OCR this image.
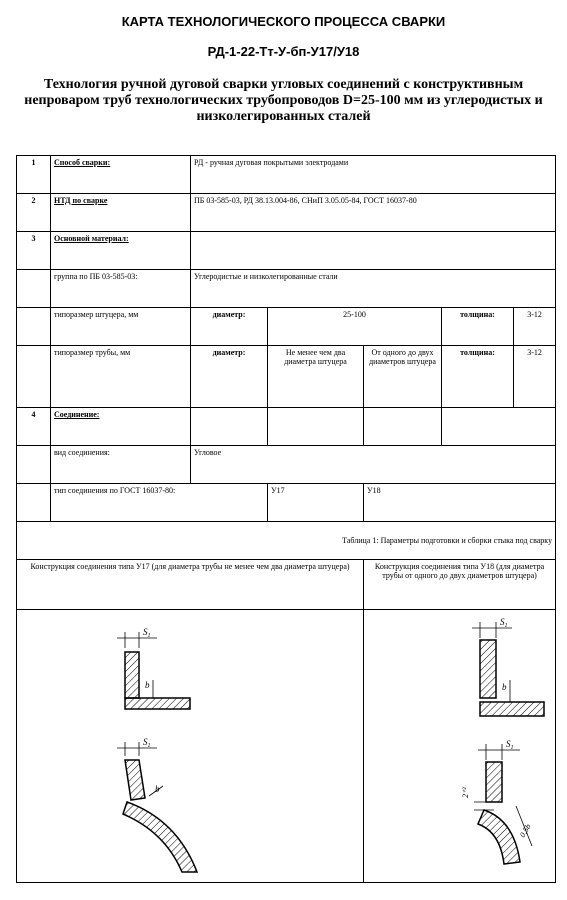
КАРТА ТЕХНОЛОГИЧЕСКОГО ПРОЦЕССА СВАРКИ
РД-1-22-Тт-У-бп-У17/У18
Технология ручной дуговой сварки угловых соединений с конструктивным непроваром труб технологических трубопроводов D=25-100 мм из углеродистых и низколегированных сталей
1	Способ сварки:	РД - ручная дуговая покрытыми электродами				
2	НТД по сварке	ПБ 03-585-03, РД 38.13.004-86, СНиП 3.05.05-84, ГОСТ 16037-80				
3	Основной материал:					
	группа по ПБ 03-585-03:	Углеродистые и низколегированные стали				
	типоразмер штуцера, мм	диаметр:	25-100		толщина:	3-12
	типоразмер трубы, мм	диаметр:	Не менее чем два диаметра штуцера	От одного до двух диаметров штуцера	толщина:	3-12
4	Соединение:					
	вид соединения:	Угловое				
	тип соединения по ГОСТ 16037-80:		У17	У18		
Таблица 1: Параметры подготовки и сборки стыка под сварку						
Конструкция соединения типа У17 (для диаметра трубы не менее чем два диаметра штуцера)				Конструкция соединения типа У18 (для диаметра трубы от одного до двух диаметров штуцера)		

$S_1$
b
$S_1$
b				$S_1$
b
$S_1$
2⁺²
0,5b		
